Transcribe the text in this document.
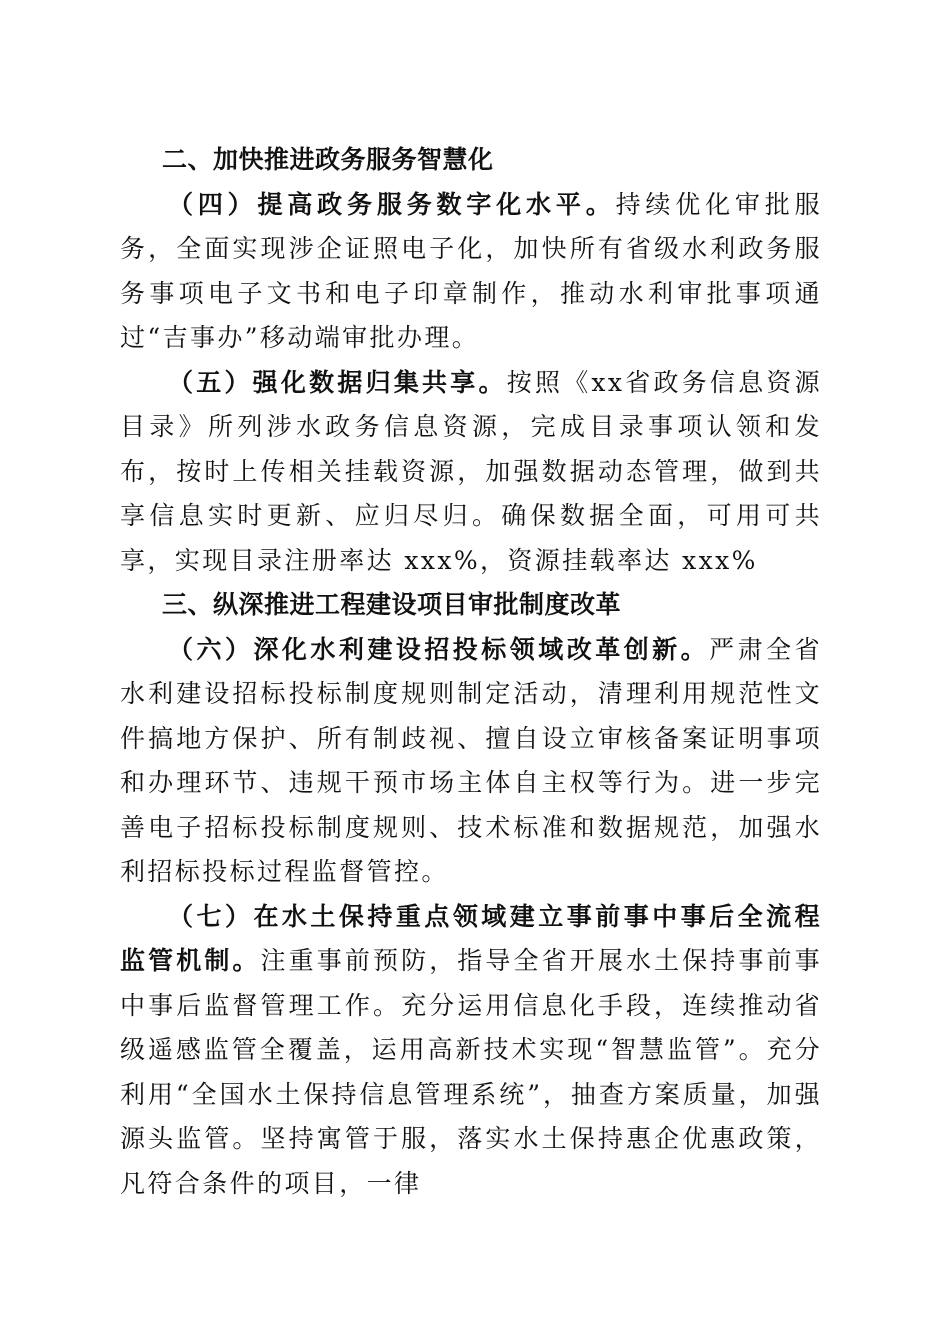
二、加快推进政务服务智慧化

（四）提高政务服务数字化水平。持续优化审批服务，全面实现涉企证照电子化，加快所有省级水利政务服务事项电子文书和电子印章制作，推动水利审批事项通过“吉事办”移动端审批办理。

（五）强化数据归集共享。按照《xx省政务信息资源目录》所列涉水政务信息资源，完成目录事项认领和发布，按时上传相关挂载资源，加强数据动态管理，做到共享信息实时更新、应归尽归。确保数据全面，可用可共享，实现目录注册率达 xxx%，资源挂载率达 xxx%

三、纵深推进工程建设项目审批制度改革

（六）深化水利建设招投标领域改革创新。严肃全省水利建设招标投标制度规则制定活动，清理利用规范性文件搞地方保护、所有制歧视、擅自设立审核备案证明事项和办理环节、违规干预市场主体自主权等行为。进一步完善电子招标投标制度规则、技术标准和数据规范，加强水利招标投标过程监督管控。

（七）在水土保持重点领域建立事前事中事后全流程监管机制。注重事前预防，指导全省开展水土保持事前事中事后监督管理工作。充分运用信息化手段，连续推动省级遥感监管全覆盖，运用高新技术实现“智慧监管”。充分利用“全国水土保持信息管理系统”，抽查方案质量，加强源头监管。坚持寓管于服，落实水土保持惠企优惠政策，凡符合条件的项目，一律
